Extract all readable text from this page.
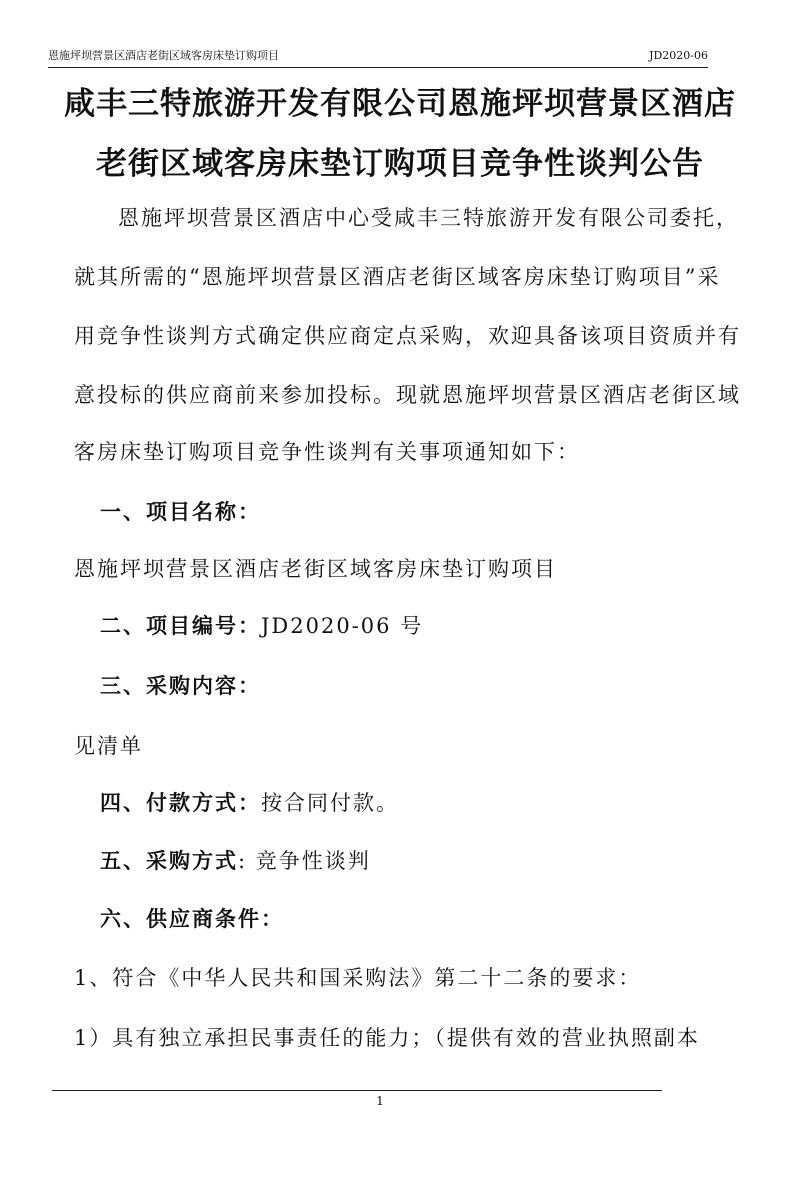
恩施坪坝营景区酒店老街区域客房床垫订购项目	JD2020-06
咸丰三特旅游开发有限公司恩施坪坝营景区酒店
老街区域客房床垫订购项目竞争性谈判公告
恩施坪坝营景区酒店中心受咸丰三特旅游开发有限公司委托，
就其所需的“恩施坪坝营景区酒店老街区域客房床垫订购项目”采
用竞争性谈判方式确定供应商定点采购，欢迎具备该项目资质并有
意投标的供应商前来参加投标。现就恩施坪坝营景区酒店老街区域
客房床垫订购项目竞争性谈判有关事项通知如下：
一、项目名称：
恩施坪坝营景区酒店老街区域客房床垫订购项目
二、项目编号：JD2020-06 号
三、采购内容：
见清单
四、付款方式：按合同付款。
五、采购方式: 竞争性谈判
六、供应商条件：
1、符合《中华人民共和国采购法》第二十二条的要求：
1）具有独立承担民事责任的能力；（提供有效的营业执照副本
1
